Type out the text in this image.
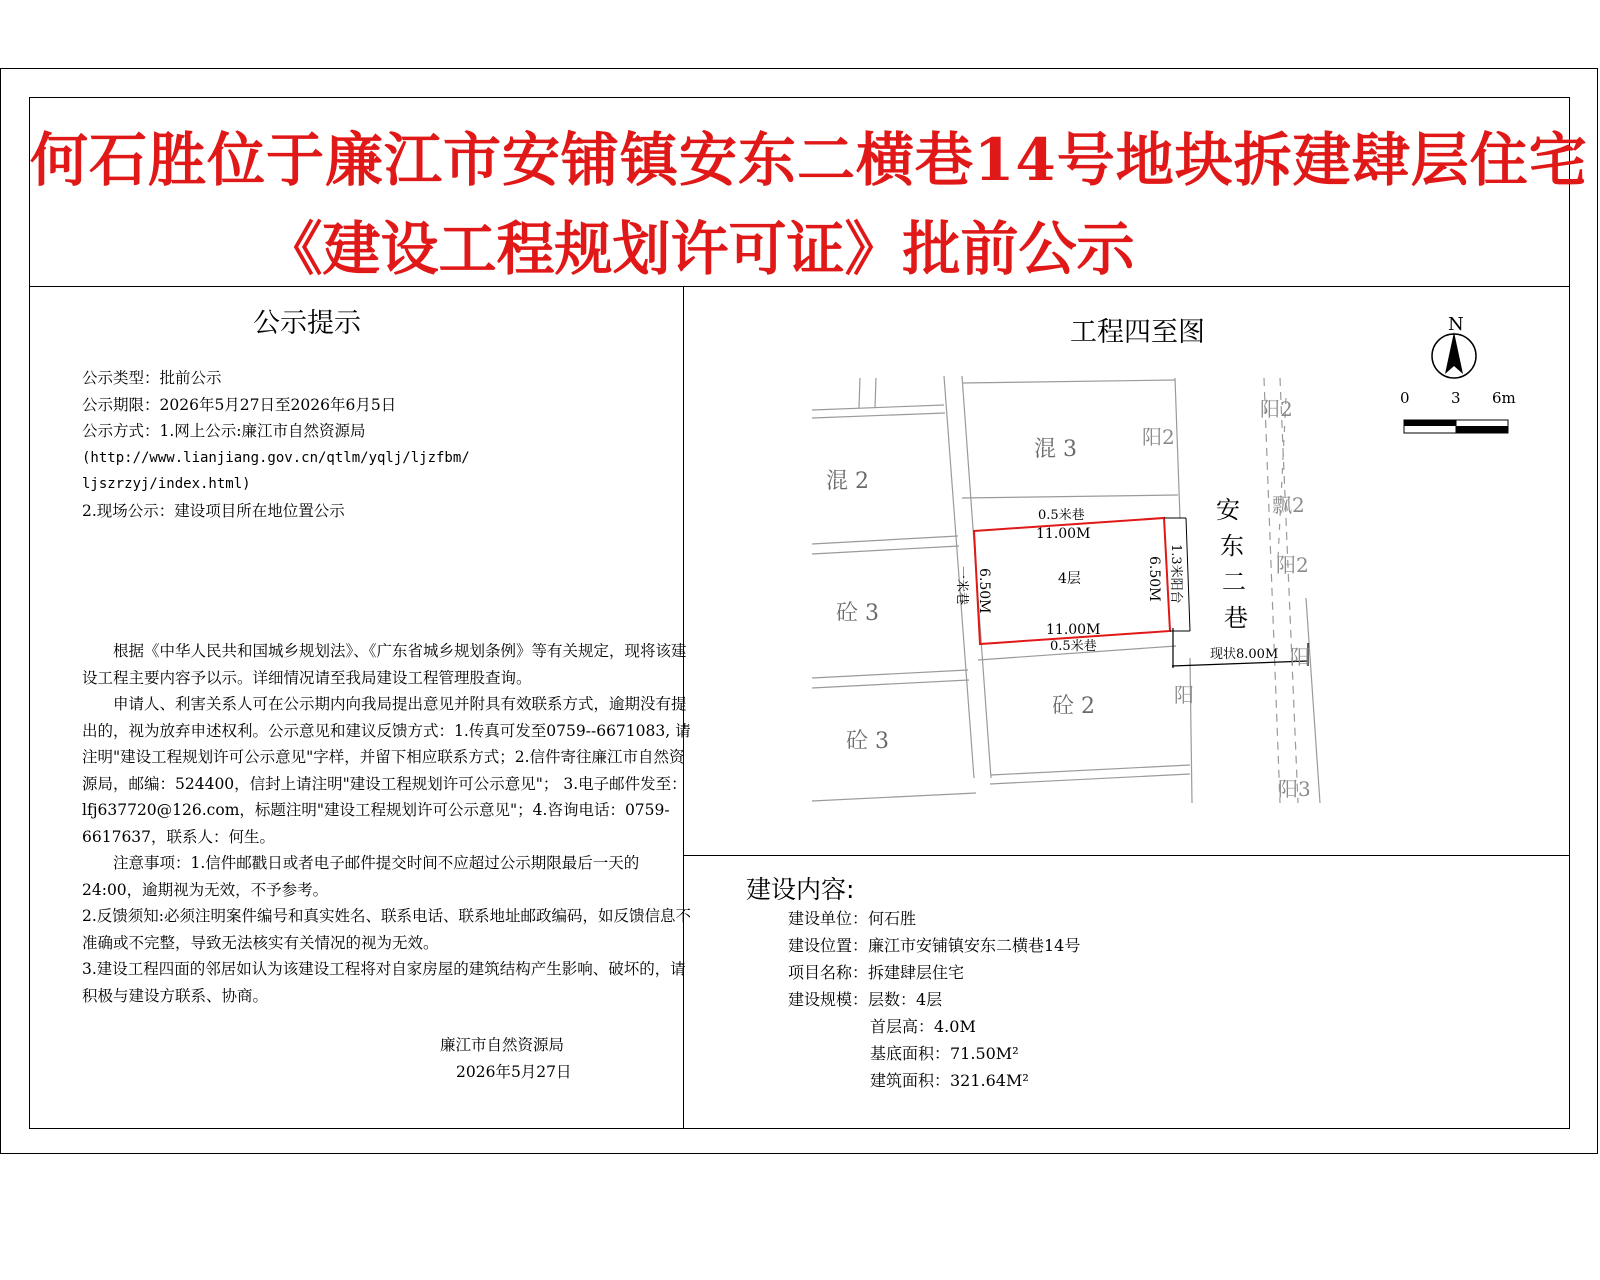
何石胜位于廉江市安铺镇安东二横巷14号地块拆建肆层住宅
《建设工程规划许可证》批前公示
公示提示
公示类型：批前公示
公示期限：2026年5月27日至2026年6月5日
公示方式：1.网上公示:廉江市自然资源局
(http://www.lianjiang.gov.cn/qtlm/yqlj/ljzfbm/
ljszrzyj/index.html)
2.现场公示：建设项目所在地位置公示

根据《中华人民共和国城乡规划法》、《广东省城乡规划条例》等有关规定，现将该建设工程主要内容予以示。详细情况请至我局建设工程管理股查询。

申请人、利害关系人可在公示期内向我局提出意见并附具有效联系方式，逾期没有提出的，视为放弃申述权利。公示意见和建议反馈方式：1.传真可发至0759--6671083, 请注明"建设工程规划许可公示意见"字样，并留下相应联系方式；2.信件寄往廉江市自然资源局，邮编：524400，信封上请注明"建设工程规划许可公示意见"； 3.电子邮件发至：lfj637720@126.com，标题注明"建设工程规划许可公示意见"；4.咨询电话：0759-6617637，联系人：何生。

注意事项：1.信件邮戳日或者电子邮件提交时间不应超过公示期限最后一天的24:00，逾期视为无效，不予参考。

2.反馈须知:必须注明案件编号和真实姓名、联系电话、联系地址邮政编码，如反馈信息不准确或不完整，导致无法核实有关情况的视为无效。

3.建设工程四面的邻居如认为该建设工程将对自家房屋的建筑结构产生影响、破坏的，请积极与建设方联系、协商。

廉江市自然资源局
2026年5月27日
工程四至图	N
0	3 6m
混 3
混 2
砼 3
砼 2
砼 3
4层
0.5米巷
11.00M
11.00M
0.5米巷
6.50M
一米巷	6.50M 1.3米阳台
现状8.00M
安
东
二
巷
阳2
阳2
飘2
阳2
阳
阳
阳3
建设内容:
建设单位：何石胜
建设位置：廉江市安铺镇安东二横巷14号
项目名称：拆建肆层住宅
建设规模：层数：4层
首层高：4.0M
基底面积：71.50M²
建筑面积：321.64M²
